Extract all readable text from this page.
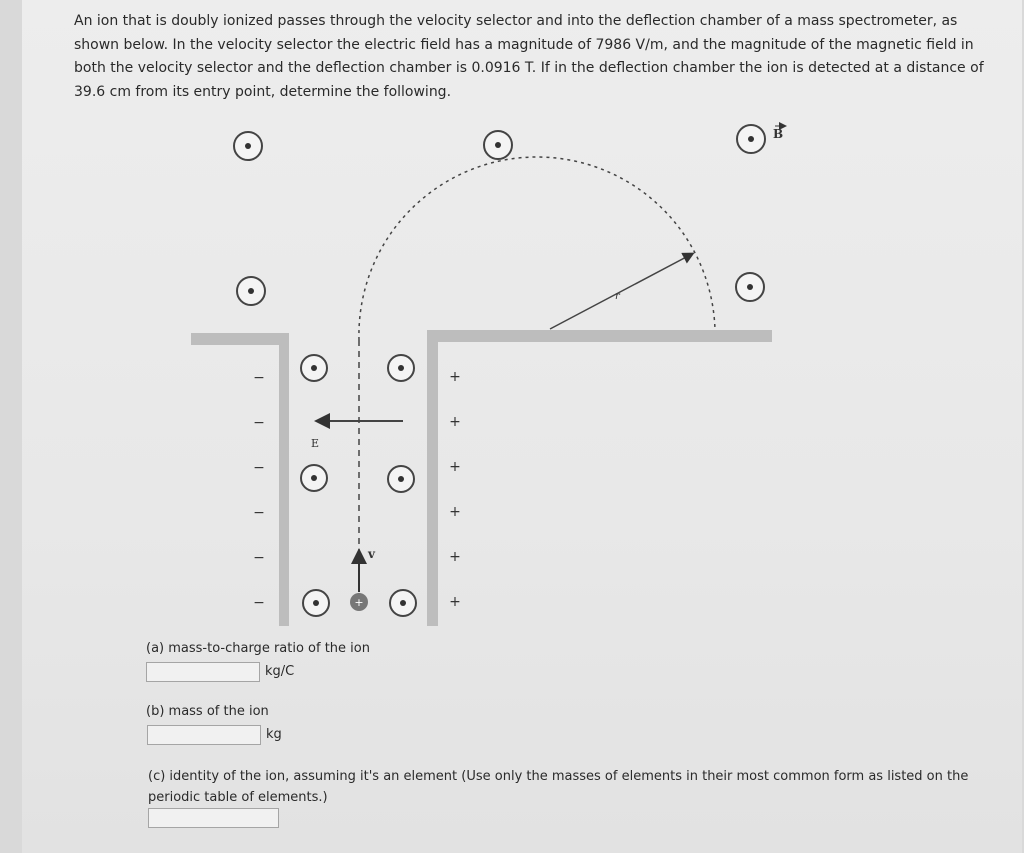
An ion that is doubly ionized passes through the velocity selector and into the deflection chamber of a mass spectrometer, as shown below. In the velocity selector the electric field has a magnitude of 7986 V/m, and the magnitude of the magnetic field in both the velocity selector and the deflection chamber is 0.0916 T. If in the deflection chamber the ion is detected at a distance of 39.6 cm from its entry point, determine the following.
B
r
E
v
+
−
−
−
−
−
−
+
+
+
+
+
+
(a) mass-to-charge ratio of the ion
kg/C
(b) mass of the ion
kg
(c) identity of the ion, assuming it's an element (Use only the masses of elements in their most common form as listed on the periodic table of elements.)
